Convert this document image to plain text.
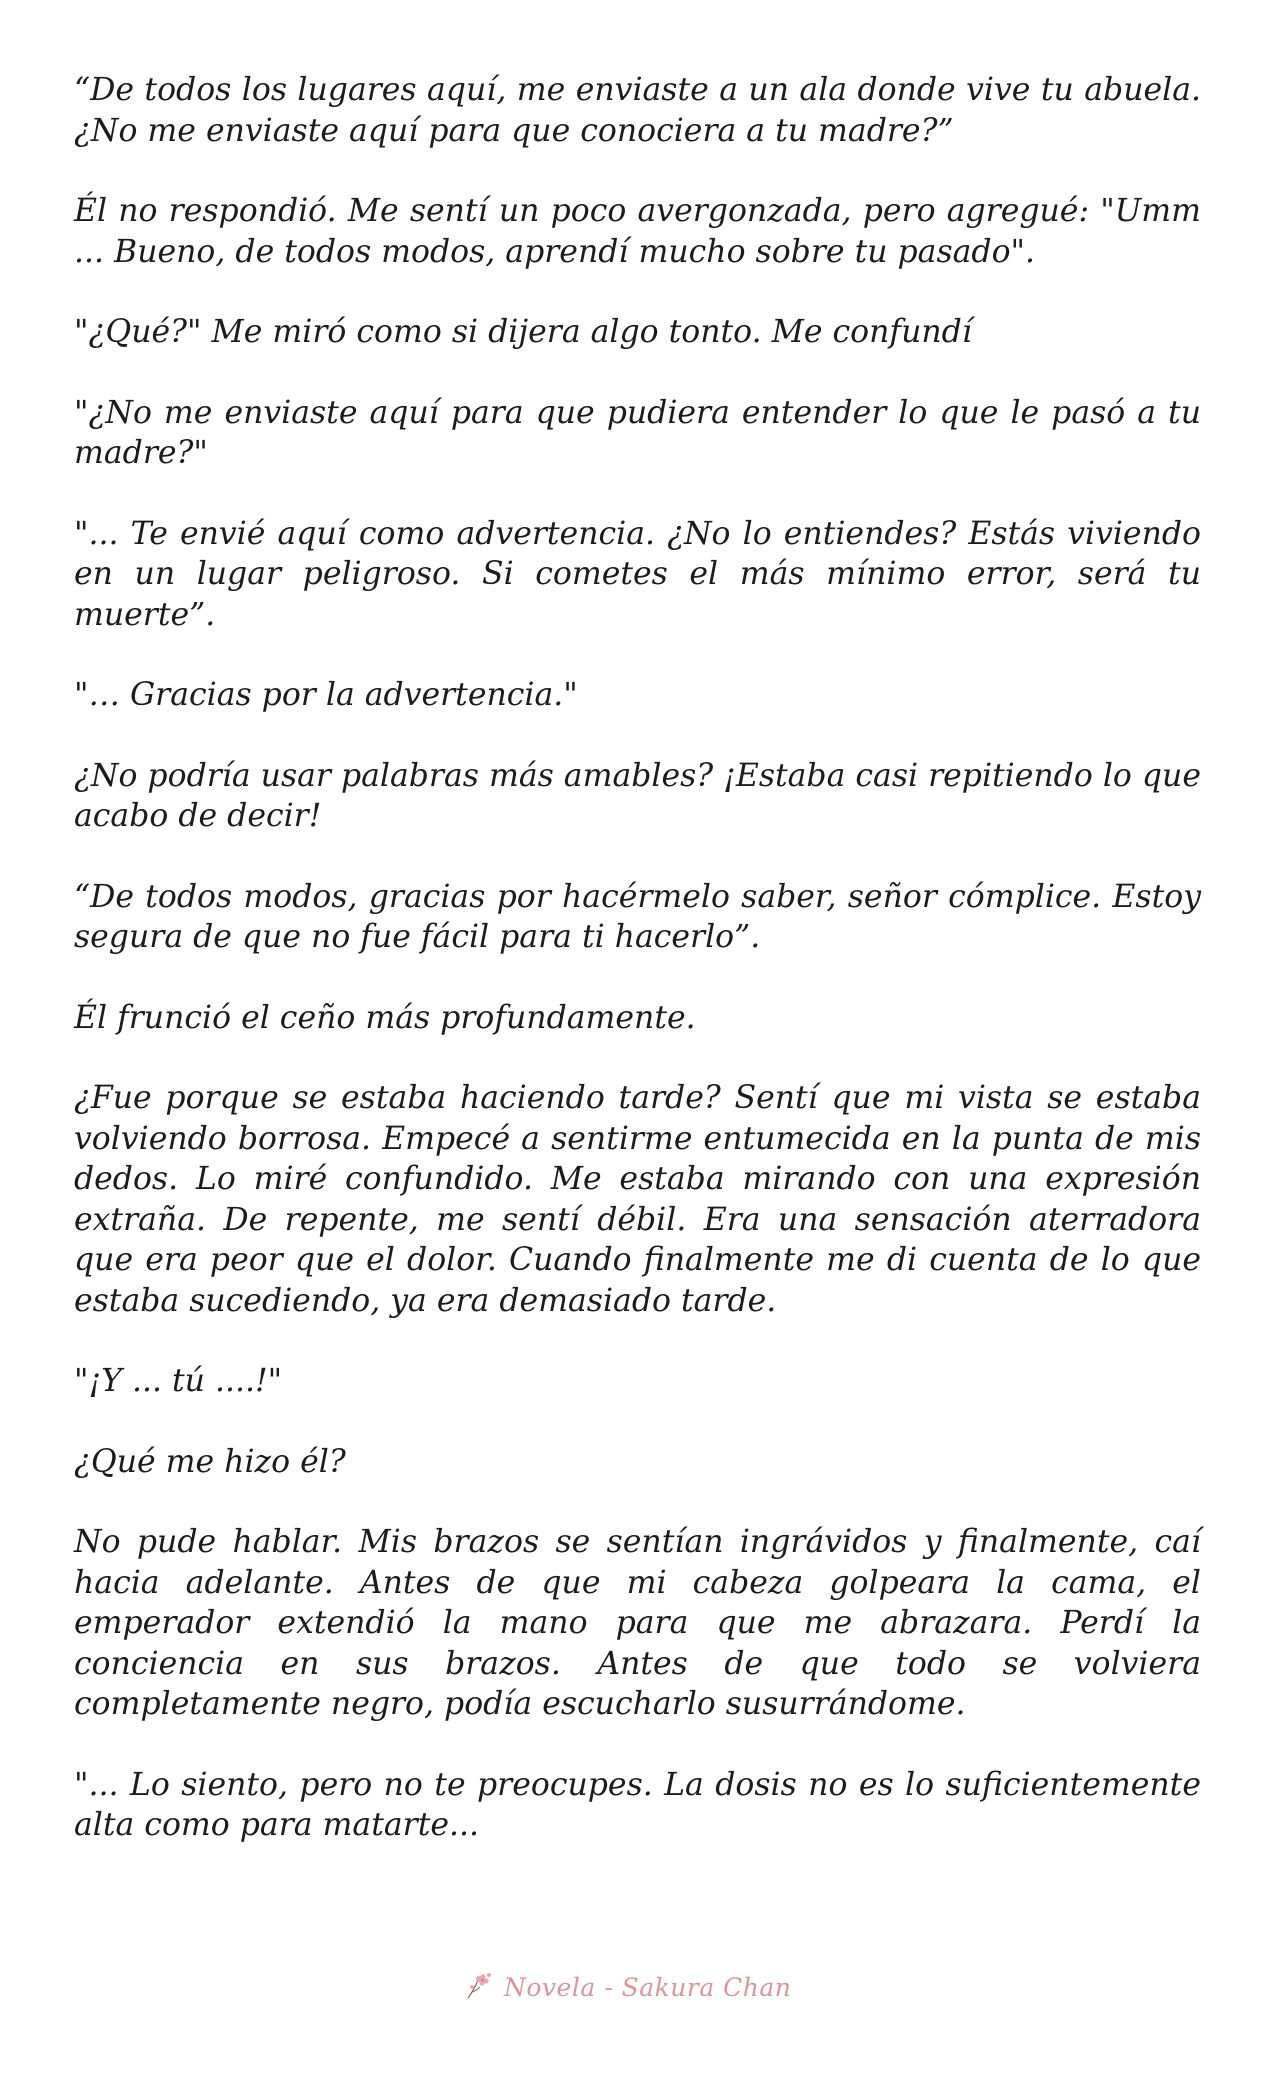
“De todos los lugares aquí, me enviaste a un ala donde vive tu abuela. ¿No me enviaste aquí para que conociera a tu madre?”

Él no respondió. Me sentí un poco avergonzada, pero agregué: "Umm ... Bueno, de todos modos, aprendí mucho sobre tu pasado".

"¿Qué?" Me miró como si dijera algo tonto. Me confundí

"¿No me enviaste aquí para que pudiera entender lo que le pasó a tu madre?"

"... Te envié aquí como advertencia. ¿No lo entiendes? Estás viviendo en un lugar peligroso. Si cometes el más mínimo error, será tu muerte”.

"… Gracias por la advertencia."

¿No podría usar palabras más amables? ¡Estaba casi repitiendo lo que acabo de decir!

“De todos modos, gracias por hacérmelo saber, señor cómplice. Estoy segura de que no fue fácil para ti hacerlo”.

Él frunció el ceño más profundamente.

¿Fue porque se estaba haciendo tarde? Sentí que mi vista se estaba volviendo borrosa. Empecé a sentirme entumecida en la punta de mis dedos. Lo miré confundido. Me estaba mirando con una expresión extraña. De repente, me sentí débil. Era una sensación aterradora que era peor que el dolor. Cuando finalmente me di cuenta de lo que estaba sucediendo, ya era demasiado tarde.

"¡Y ... tú ....!"

¿Qué me hizo él?

No pude hablar. Mis brazos se sentían ingrávidos y finalmente, caí hacia adelante. Antes de que mi cabeza golpeara la cama, el emperador extendió la mano para que me abrazara. Perdí la conciencia en sus brazos. Antes de que todo se volviera completamente negro, podía escucharlo susurrándome.

"... Lo siento, pero no te preocupes. La dosis no es lo suficientemente alta como para matarte...

Novela - Sakura Chan
